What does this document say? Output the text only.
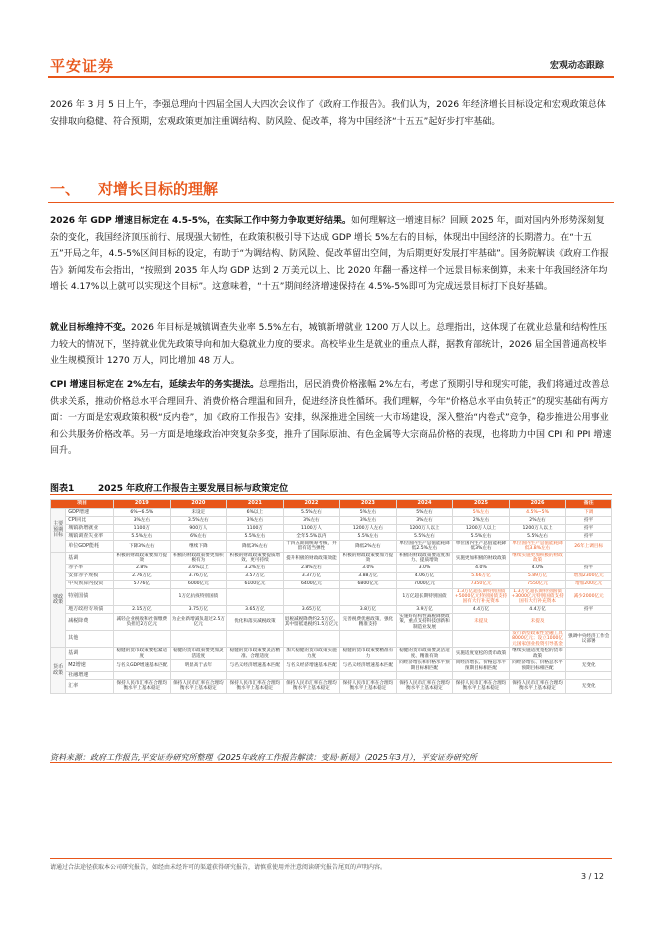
平安证券	宏观动态跟踪
2026 年 3 月 5 日上午，李强总理向十四届全国人大四次会议作了《政府工作报告》。我们认为，2026 年经济增长目标设定和宏观政策总体安排取向稳健、符合预期，宏观政策更加注重调结构、防风险、促改革，将为中国经济“十五五”起好步打牢基础。
一、 对增长目标的理解
2026 年 GDP 增速目标定在 4.5-5%，在实际工作中努力争取更好结果。如何理解这一增速目标？回顾 2025 年，面对国内外形势深刻复杂的变化，我国经济顶压前行、展现强大韧性，在政策积极引导下达成 GDP 增长 5%左右的目标，体现出中国经济的长期潜力。在“十五五”开局之年，4.5-5%区间目标的设定，有助于“为调结构、防风险、促改革留出空间，为后期更好发展打牢基础”。国务院解读《政府工作报告》新闻发布会指出，“按照到 2035 年人均 GDP 达到 2 万美元以上、比 2020 年翻一番这样一个远景目标来倒算，未来十年我国经济年均增长 4.17%以上就可以实现这个目标”。这意味着，“十五”期间经济增速保持在 4.5%-5%即可为完成远景目标打下良好基础。
就业目标维持不变。2026 年目标是城镇调查失业率 5.5%左右，城镇新增就业 1200 万人以上。总理指出，这体现了在就业总量和结构性压力较大的情况下，坚持就业优先政策导向和加大稳就业力度的要求。高校毕业生是就业的重点人群，据教育部统计，2026 届全国普通高校毕业生规模预计 1270 万人，同比增加 48 万人。
CPI 增速目标定在 2%左右，延续去年的务实提法。总理指出，居民消费价格涨幅 2%左右，考虑了预期引导和现实可能，我们将通过改善总供求关系，推动价格总水平合理回升、消费价格合理温和回升，促进经济良性循环。我们理解，今年“价格总水平由负转正”的现实基础有两方面：一方面是宏观政策积极“反内卷”，加《政府工作报告》安排，纵深推进全国统一大市场建设，深入整治“内卷式”竞争，稳步推进公用事业和公共服务价格改革。另一方面是地缘政治冲突复杂多变，推升了国际原油、有色金属等大宗商品价格的表现，也将助力中国 CPI 和 PPI 增速回升。
图表1	2025 年政府工作报告主要发展目标与政策定位
项目		2019	2020	2021	2022	2023	2024	2025	2026	备注
主要预期目标	GDP增速	6%~6.5%	未设定	6%以上	5.5%左右	5%左右	5%左右	5%左右	4.5%~5%	下调
	CPI同比	3%左右	3.5%左右	3%左右	3%左右	3%左右	3%左右	2%左右	2%左右	持平
	城镇新增就业	1100万	900万人	1100万	1100万人	1200万人左右	1200万人以上	1200万人以上	1200万人以上	持平
	城镇调查失业率	5.5%左右	6%左右	5.5%左右	全年5.5%以内	5.5%左右	5.5%左右	5.5%左右	5.5%左右	持平
	单位GDP能耗	下降3%左右	继续下降	降低3%左右	十四五期间统筹考核，并留有适当弹性	降低2%左右	单位国内生产总值能耗降低2.5%左右	单位国内生产总值能耗降低3%左右	单位国内生产总值能耗降低3.8%左右	26年上调目标
财政政策	基调	积极的财政政策要加力提效	积极的财政政策要更加积极有为	积极的财政政策要提质增效、更可持续	提升积极的财政政策效能	积极的财政政策要加力提效	积极的财政政策要适度加力、提质增效	实施更加积极的财政政策	继续实施更加积极的财政政策	
	赤字率	2.8%	3.6%以上	3.2%左右	2.8%左右	3.0%	3.0%	4.0%	4.0%	持平
	安排赤字规模	2.76万亿	3.76万亿	3.57万亿	3.37万亿	3.88万亿	4.06万亿	5.66万亿	5.89万亿	增加2300亿元
	中央预算内投资	5776亿	6000亿元	6100亿元	6400亿元	6800亿元	7000亿元	7350亿元	7550亿元	增加200亿元
	特别国债		1万亿抗疫特别国债				1万亿超长期特别国债	1.3万亿超长期特别国债+5000亿元特别国债支持国有大行补充资本	1.3万亿超长期特别国债+3000亿元特别国债支持国有大行补充资本	减少2000亿元
	地方政府专项债	2.15万亿	3.75万亿	3.65万亿	3.65万亿	3.8万亿	3.9万亿	4.4万亿	4.4万亿	持平
	减税降费	减轻企业税收和社保缴费负担近2万亿元	为企业新增减负超过2.5万亿元	优化和落实减税政策	退税减税降费约2.5万亿，其中留抵退税约1.5万亿元	完善税费优惠政策，强化精准支持	实施好结构性减税降费政策，重点支持科技创新和制造业发展	未提及	未提及	
	其他								发行新型政策性金融工具8000亿元；设立1000亿元国家创业投资引导基金	强调中央经济工作会议部署
货币政策	基调	稳健的货币政策要松紧适度	稳健的货币政策要更加灵活适度	稳健的货币政策要灵活精准、合理适度	加大稳健的货币政策实施力度	稳健的货币政策要精准有力	稳健的货币政策要灵活适度、精准有效	实施适度宽松的货币政策	继续实施适度宽松的货币政策	
	M2增速	与名义GDP增速基本匹配	明显高于去年	与名义经济增速基本匹配	与名义经济增速基本匹配	与名义经济增速基本匹配	同经济增长和价格水平预期目标相匹配	同经济增长、价格总水平预期目标相匹配	同经济增长、价格总水平预期目标相匹配	无变化
	社融增速									
	汇率	保持人民币汇率在合理均衡水平上基本稳定	保持人民币汇率在合理均衡水平上基本稳定	保持人民币汇率在合理均衡水平上基本稳定	保持人民币汇率在合理均衡水平上基本稳定	保持人民币汇率在合理均衡水平上基本稳定	保持人民币汇率在合理均衡水平上基本稳定	保持人民币汇率在合理均衡水平上基本稳定	保持人民币汇率在合理均衡水平上基本稳定	无变化
资料来源：政府工作报告,平安证券研究所整理《2025年政府工作报告解读：变局·新局》（2025年3月），平安证券研究所
请通过合法途径获取本公司研究报告，如经由未经许可的渠道获得研究报告，请慎重使用并注意阅读研究报告尾页的声明内容。
3 / 12
